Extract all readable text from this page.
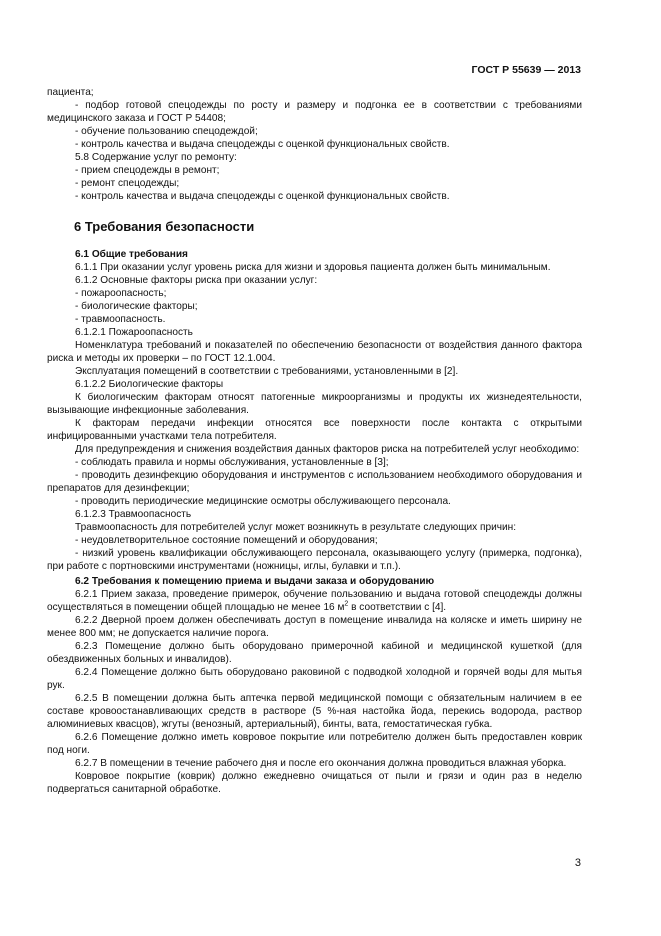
ГОСТ Р 55639 — 2013

пациента;

- подбор готовой спецодежды по росту и размеру и подгонка ее в соответствии с требованиями медицинского заказа и ГОСТ Р 54408;

- обучение пользованию спецодеждой;

- контроль качества и выдача спецодежды с оценкой функциональных свойств.

5.8 Содержание услуг по ремонту:

- прием спецодежды в ремонт;

- ремонт спецодежды;

- контроль качества и выдача спецодежды с оценкой функциональных свойств.

6 Требования безопасности

6.1 Общие требования

6.1.1 При оказании услуг уровень риска для жизни и здоровья пациента должен быть минимальным.

6.1.2 Основные факторы риска при оказании услуг:

- пожароопасность;

- биологические факторы;

- травмоопасность.

6.1.2.1 Пожароопасность

Номенклатура требований и показателей по обеспечению безопасности от воздействия данного фактора риска и методы их проверки – по ГОСТ 12.1.004.

Эксплуатация помещений в соответствии с требованиями, установленными в [2].

6.1.2.2 Биологические факторы

К биологическим факторам относят патогенные микроорганизмы и продукты их жизнедеятельности, вызывающие инфекционные заболевания.

К факторам передачи инфекции относятся все поверхности после контакта с открытыми инфицированными участками тела потребителя.

Для предупреждения и снижения воздействия данных факторов риска на потребителей услуг необходимо:

- соблюдать правила и нормы обслуживания, установленные в [3];

- проводить дезинфекцию оборудования и инструментов с использованием необходимого оборудования и препаратов для дезинфекции;

- проводить периодические медицинские осмотры обслуживающего персонала.

6.1.2.3 Травмоопасность

Травмоопасность для потребителей услуг может возникнуть в результате следующих причин:

- неудовлетворительное состояние помещений и оборудования;

- низкий уровень квалификации обслуживающего персонала, оказывающего услугу (примерка, подгонка), при работе с портновскими инструментами (ножницы, иглы, булавки и т.п.).

6.2 Требования к помещению приема и выдачи заказа и оборудованию

6.2.1 Прием заказа, проведение примерок, обучение пользованию и выдача готовой спецодежды должны осуществляться в помещении общей площадью не менее 16 $м^2$ в соответствии с [4].

6.2.2 Дверной проем должен обеспечивать доступ в помещение инвалида на коляске и иметь ширину не менее 800 мм; не допускается наличие порога.

6.2.3 Помещение должно быть оборудовано примерочной кабиной и медицинской кушеткой (для обездвиженных больных и инвалидов).

6.2.4 Помещение должно быть оборудовано раковиной с подводкой холодной и горячей воды для мытья рук.

6.2.5 В помещении должна быть аптечка первой медицинской помощи с обязательным наличием в ее составе кровоостанавливающих средств в растворе (5 %-ная настойка йода, перекись водорода, раствор алюминиевых квасцов), жгуты (венозный, артериальный), бинты, вата, гемостатическая губка.

6.2.6 Помещение должно иметь ковровое покрытие или потребителю должен быть предоставлен коврик под ноги.

6.2.7 В помещении в течение рабочего дня и после его окончания должна проводиться влажная уборка.

Ковровое покрытие (коврик) должно ежедневно очищаться от пыли и грязи и один раз в неделю подвергаться санитарной обработке.

3
